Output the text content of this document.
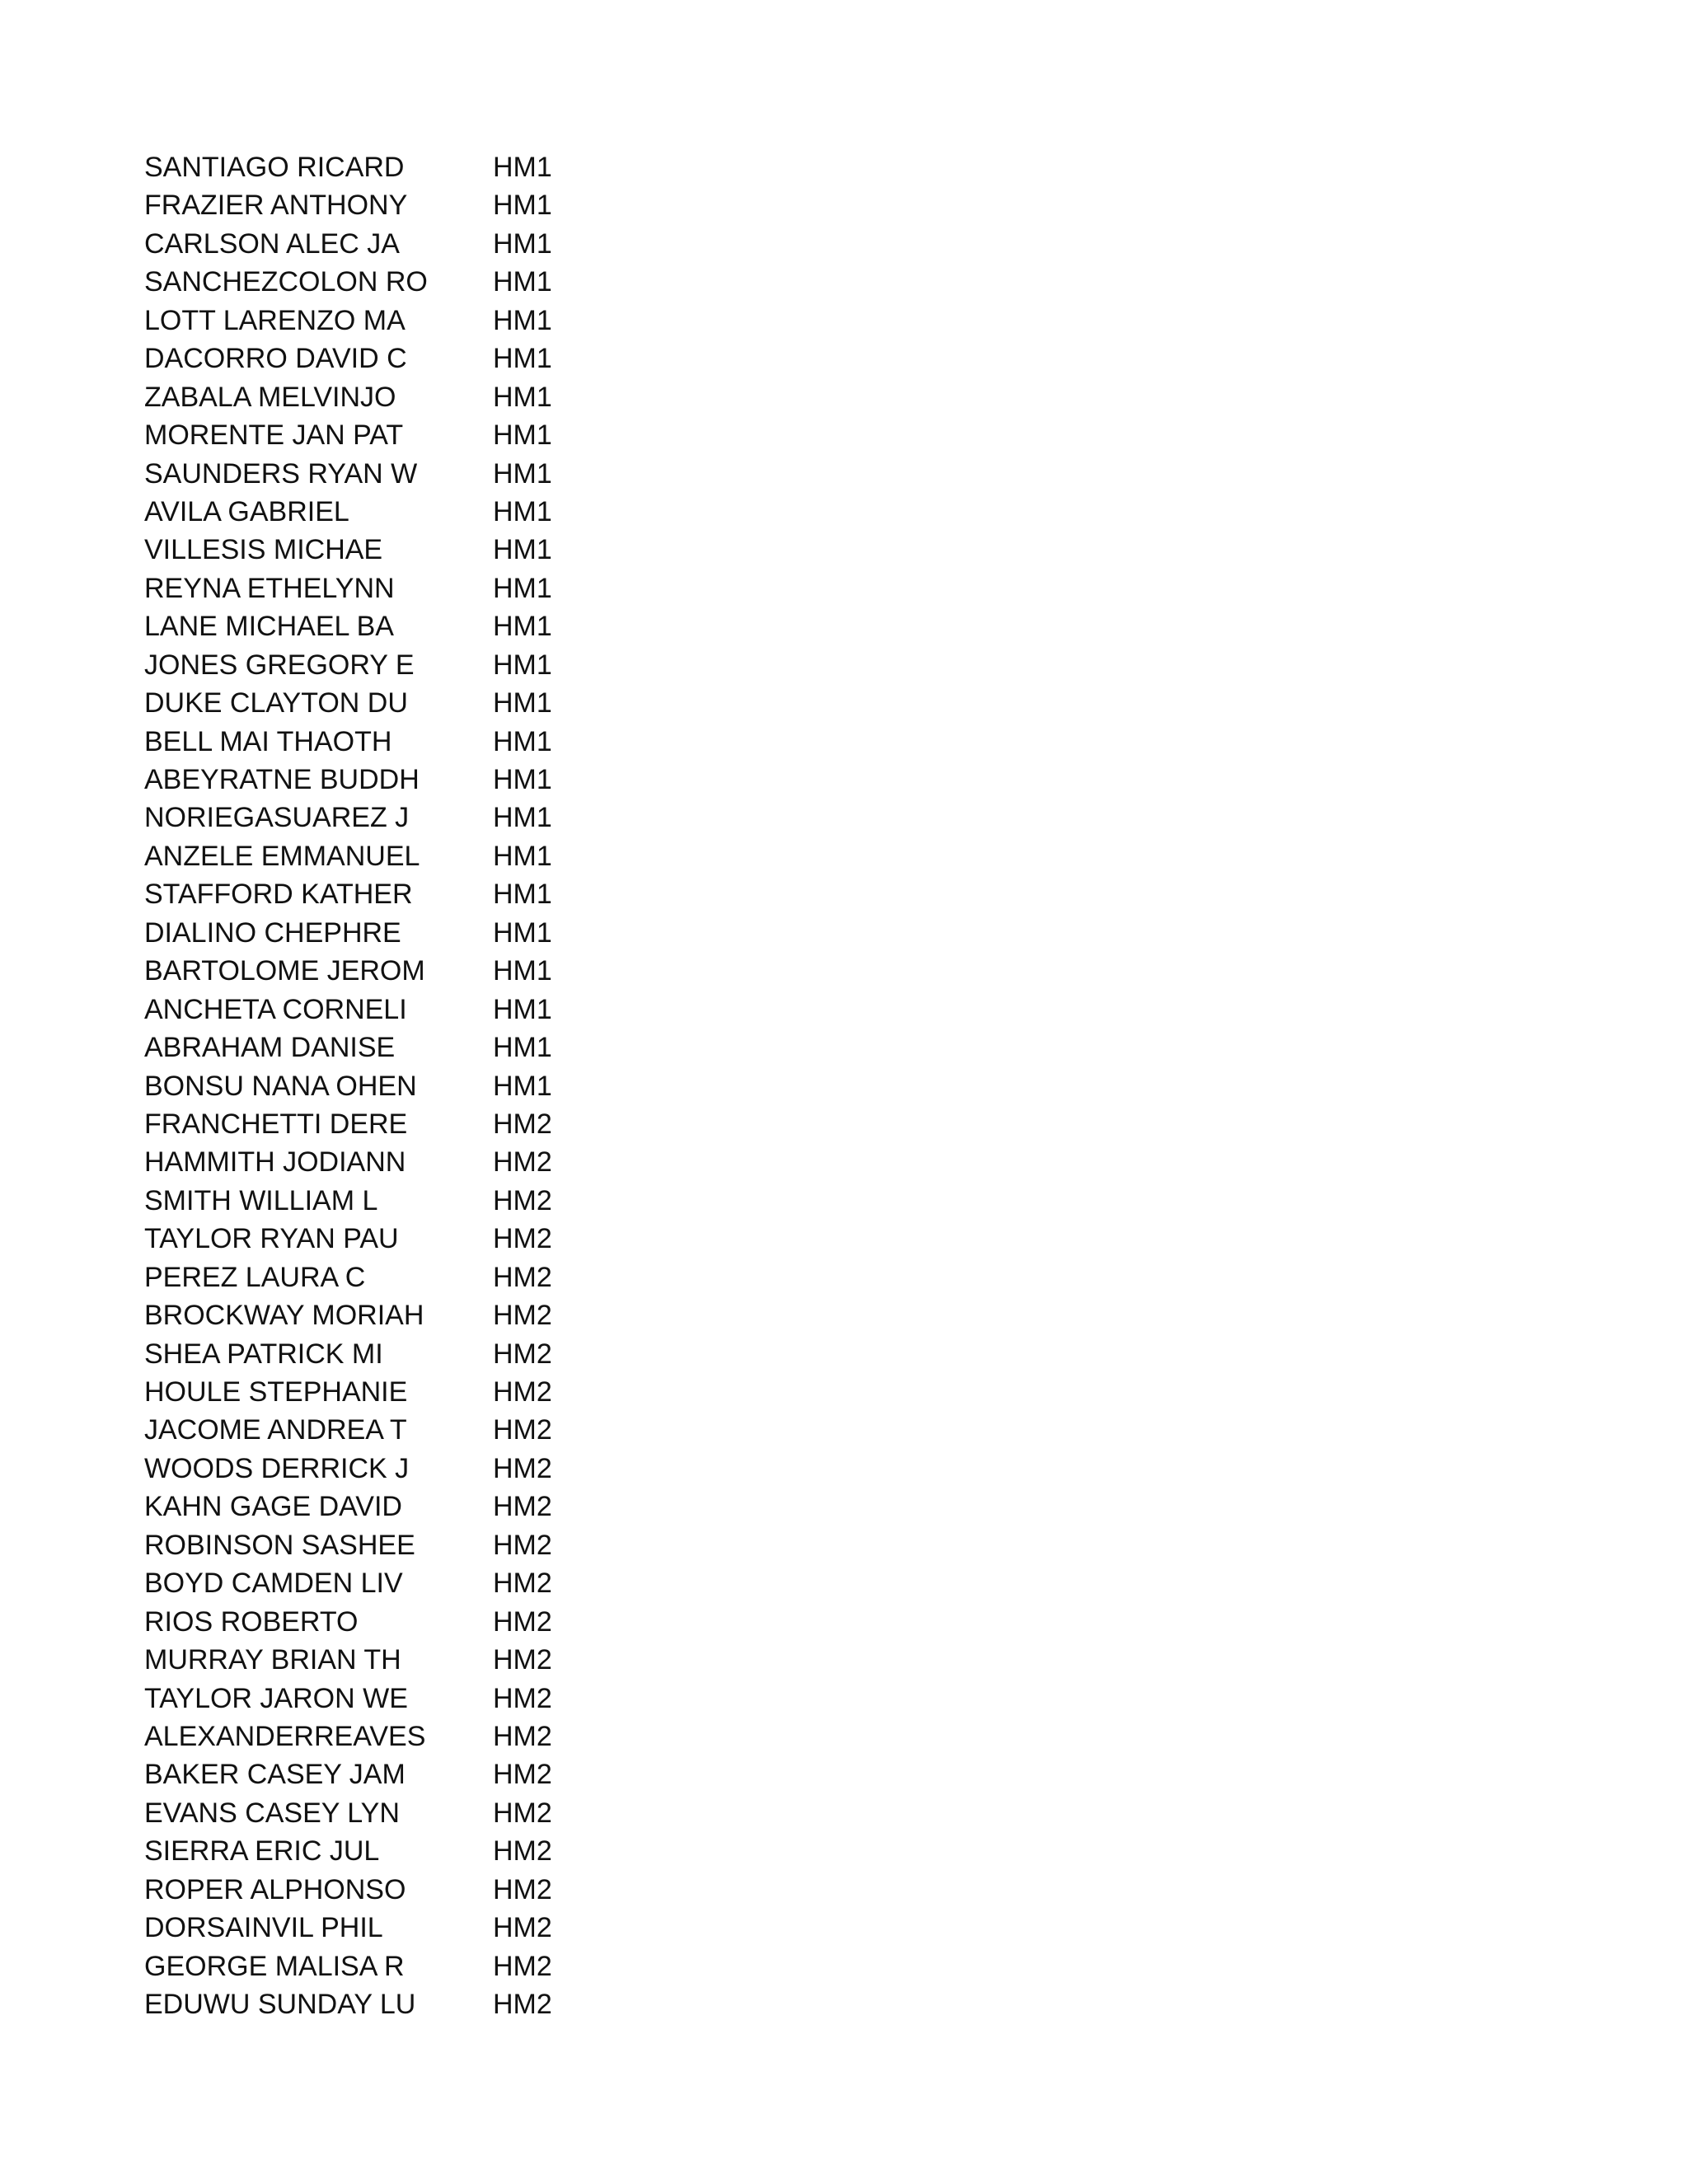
SANTIAGO RICARD	HM1
FRAZIER ANTHONY	HM1
CARLSON ALEC JA	HM1
SANCHEZCOLON RO	HM1
LOTT LARENZO MA	HM1
DACORRO DAVID C	HM1
ZABALA MELVINJO	HM1
MORENTE JAN PAT	HM1
SAUNDERS RYAN W	HM1
AVILA GABRIEL	HM1
VILLESIS MICHAE	HM1
REYNA ETHELYNN	HM1
LANE MICHAEL BA	HM1
JONES GREGORY E	HM1
DUKE CLAYTON DU	HM1
BELL MAI THAOTH	HM1
ABEYRATNE BUDDH	HM1
NORIEGASUAREZ J	HM1
ANZELE EMMANUEL	HM1
STAFFORD KATHER	HM1
DIALINO CHEPHRE	HM1
BARTOLOME JEROM	HM1
ANCHETA CORNELI	HM1
ABRAHAM DANISE	HM1
BONSU NANA OHEN	HM1
FRANCHETTI DERE	HM2
HAMMITH JODIANN	HM2
SMITH WILLIAM L	HM2
TAYLOR RYAN PAU	HM2
PEREZ LAURA C	HM2
BROCKWAY MORIAH	HM2
SHEA PATRICK MI	HM2
HOULE STEPHANIE	HM2
JACOME ANDREA T	HM2
WOODS DERRICK J	HM2
KAHN GAGE DAVID	HM2
ROBINSON SASHEE	HM2
BOYD CAMDEN LIV	HM2
RIOS ROBERTO	HM2
MURRAY BRIAN TH	HM2
TAYLOR JARON WE	HM2
ALEXANDERREAVES	HM2
BAKER CASEY JAM	HM2
EVANS CASEY LYN	HM2
SIERRA ERIC JUL	HM2
ROPER ALPHONSO	HM2
DORSAINVIL PHIL	HM2
GEORGE MALISA R	HM2
EDUWU SUNDAY LU	HM2
